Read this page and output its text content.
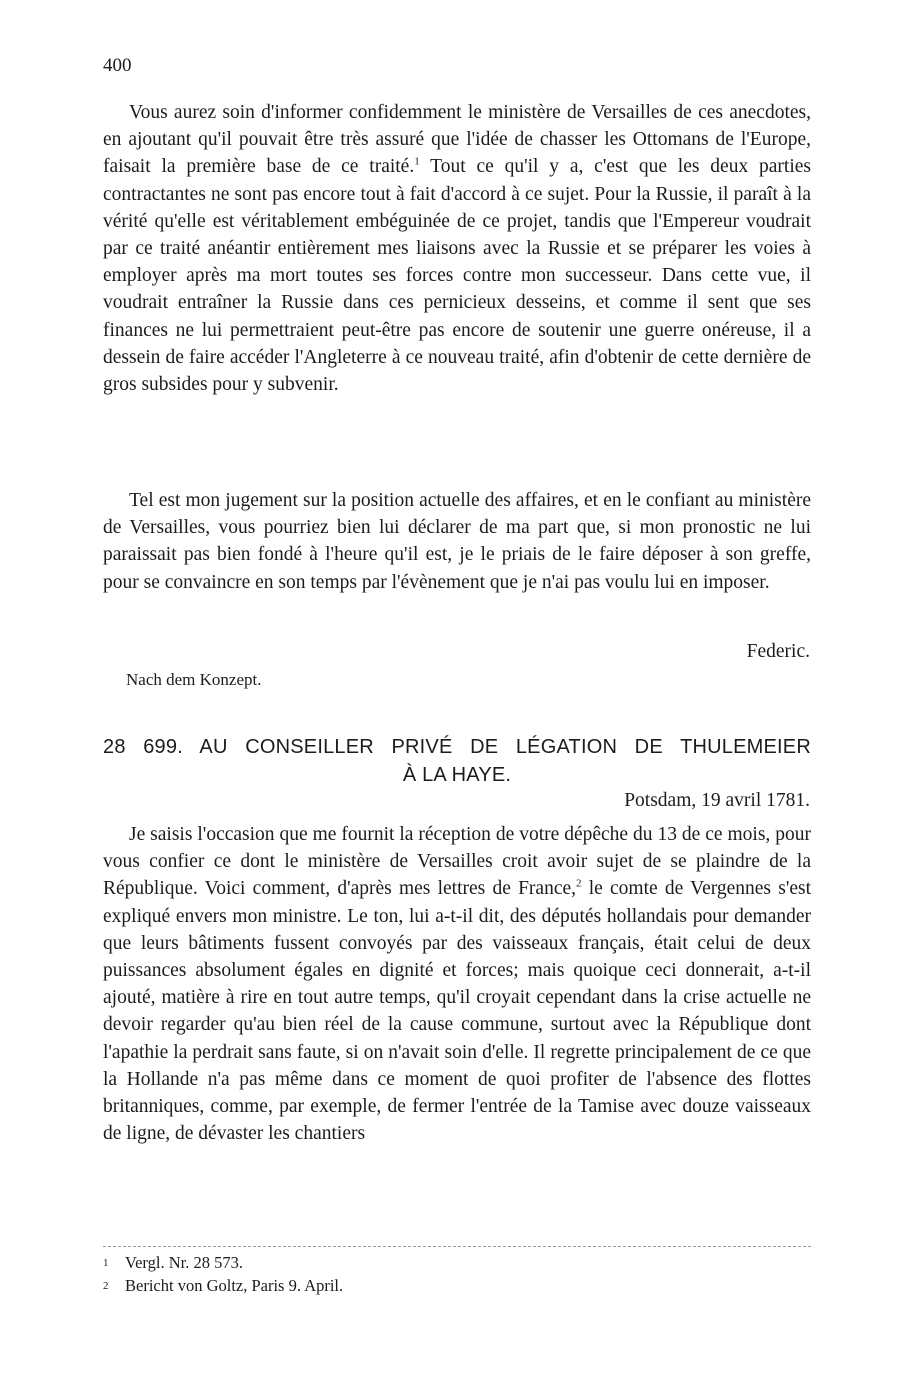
400

Vous aurez soin d'informer confidemment le ministère de Versailles de ces anecdotes, en ajoutant qu'il pouvait être très assuré que l'idée de chasser les Ottomans de l'Europe, faisait la première base de ce traité.$^1$ Tout ce qu'il y a, c'est que les deux parties contractantes ne sont pas encore tout à fait d'accord à ce sujet. Pour la Russie, il paraît à la vérité qu'elle est véritablement embéguinée de ce projet, tandis que l'Empereur voudrait par ce traité anéantir entièrement mes liaisons avec la Russie et se préparer les voies à employer après ma mort toutes ses forces contre mon successeur. Dans cette vue, il voudrait entraîner la Russie dans ces pernicieux desseins, et comme il sent que ses finances ne lui permettraient peut-être pas encore de soutenir une guerre onéreuse, il a dessein de faire accéder l'Angleterre à ce nouveau traité, afin d'obtenir de cette dernière de gros subsides pour y subvenir.

Tel est mon jugement sur la position actuelle des affaires, et en le confiant au ministère de Versailles, vous pourriez bien lui déclarer de ma part que, si mon pronostic ne lui paraissait pas bien fondé à l'heure qu'il est, je le priais de le faire déposer à son greffe, pour se convaincre en son temps par l'évènement que je n'ai pas voulu lui en imposer.

Federic.
Nach dem Konzept.
28 699. AU CONSEILLER PRIVÉ DE LÉGATION DE THULEMEIER
À LA HAYE.
Potsdam, 19 avril 1781.

Je saisis l'occasion que me fournit la réception de votre dépêche du 13 de ce mois, pour vous confier ce dont le ministère de Versailles croit avoir sujet de se plaindre de la République. Voici comment, d'après mes lettres de France,$^2$ le comte de Vergennes s'est expliqué envers mon ministre. Le ton, lui a-t-il dit, des députés hollandais pour demander que leurs bâtiments fussent convoyés par des vaisseaux français, était celui de deux puissances absolument égales en dignité et forces; mais quoique ceci donnerait, a-t-il ajouté, matière à rire en tout autre temps, qu'il croyait cependant dans la crise actuelle ne devoir regarder qu'au bien réel de la cause commune, surtout avec la République dont l'apathie la perdrait sans faute, si on n'avait soin d'elle. Il regrette principalement de ce que la Hollande n'a pas même dans ce moment de quoi profiter de l'absence des flottes britanniques, comme, par exemple, de fermer l'entrée de la Tamise avec douze vaisseaux de ligne, de dévaster les chantiers

1 Vergl. Nr. 28 573.
2 Bericht von Goltz, Paris 9. April.
